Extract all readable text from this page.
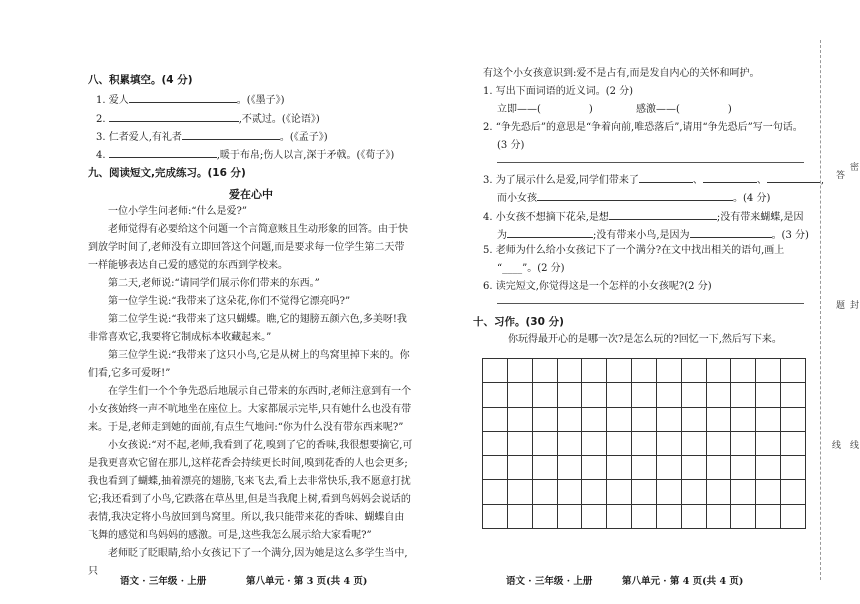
八、积累填空。(4 分)
1. 爱人	。(《墨子》)
2.	,不贰过。(《论语》)
3. 仁者爱人,有礼者	。(《孟子》)
4.	,暖于布帛;伤人以言,深于矛戟。(《荀子》)
九、阅读短文,完成练习。(16 分)
爱在心中

一位小学生问老师:“什么是爱?”

老师觉得有必要给这个问题一个言简意赅且生动形象的回答。由于快到放学时间了,老师没有立即回答这个问题,而是要求每一位学生第二天带一样能够表达自己爱的感觉的东西到学校来。

第二天,老师说:“请同学们展示你们带来的东西。”

第一位学生说:“我带来了这朵花,你们不觉得它漂亮吗?”

第二位学生说:“我带来了这只蝴蝶。瞧,它的翅膀五颜六色,多美呀!我非常喜欢它,我要将它制成标本收藏起来。”

第三位学生说:“我带来了这只小鸟,它是从树上的鸟窝里掉下来的。你们看,它多可爱呀!”

在学生们一个个争先恐后地展示自己带来的东西时,老师注意到有一个小女孩始终一声不吭地坐在座位上。大家都展示完毕,只有她什么也没有带来。于是,老师走到她的面前,有点生气地问:“你为什么没有带东西来呢?”

小女孩说:“对不起,老师,我看到了花,嗅到了它的香味,我很想要摘它,可是我更喜欢它留在那儿,这样花香会持续更长时间,嗅到花香的人也会更多;我也看到了蝴蝶,抽着漂亮的翅膀,飞来飞去,看上去非常快乐,我不愿意打扰它;我还看到了小鸟,它跌落在草丛里,但是当我爬上树,看到鸟妈妈会说话的表情,我决定将小鸟放回到鸟窝里。所以,我只能带来花的香味、蝴蝶自由飞舞的感觉和鸟妈妈的感激。可是,这些我怎么展示给大家看呢?”

老师眨了眨眼睛,给小女孩记下了一个满分,因为她是这么多学生当中,只

语文 · 三年级 · 上册	第八单元 · 第 3 页(共 4 页)
有这个小女孩意识到:爱不是占有,而是发自内心的关怀和呵护。
1. 写出下面词语的近义词。(2 分)
立即——(	)	感激——(	)
2. “争先恐后”的意思是“争着向前,唯恐落后”,请用“争先恐后”写一句话。
(3 分)
3. 为了展示什么是爱,同学们带来了	、	、	,
而小女孩	。(4 分)
4. 小女孩不想摘下花朵,是想	;没有带来蝴蝶,是因
为	;没有带来小鸟,是因为	。(3 分)
5. 老师为什么给小女孩记下了一个满分?在文中找出相关的语句,画上
“____”。(2 分)
6. 读完短文,你觉得这是一个怎样的小女孩呢?(2 分)
十、习作。(30 分)
你玩得最开心的是哪一次?是怎么玩的?回忆一下,然后写下来。
语文 · 三年级 · 上册	第八单元 · 第 4 页(共 4 页)
答
密
题 封
线 线
